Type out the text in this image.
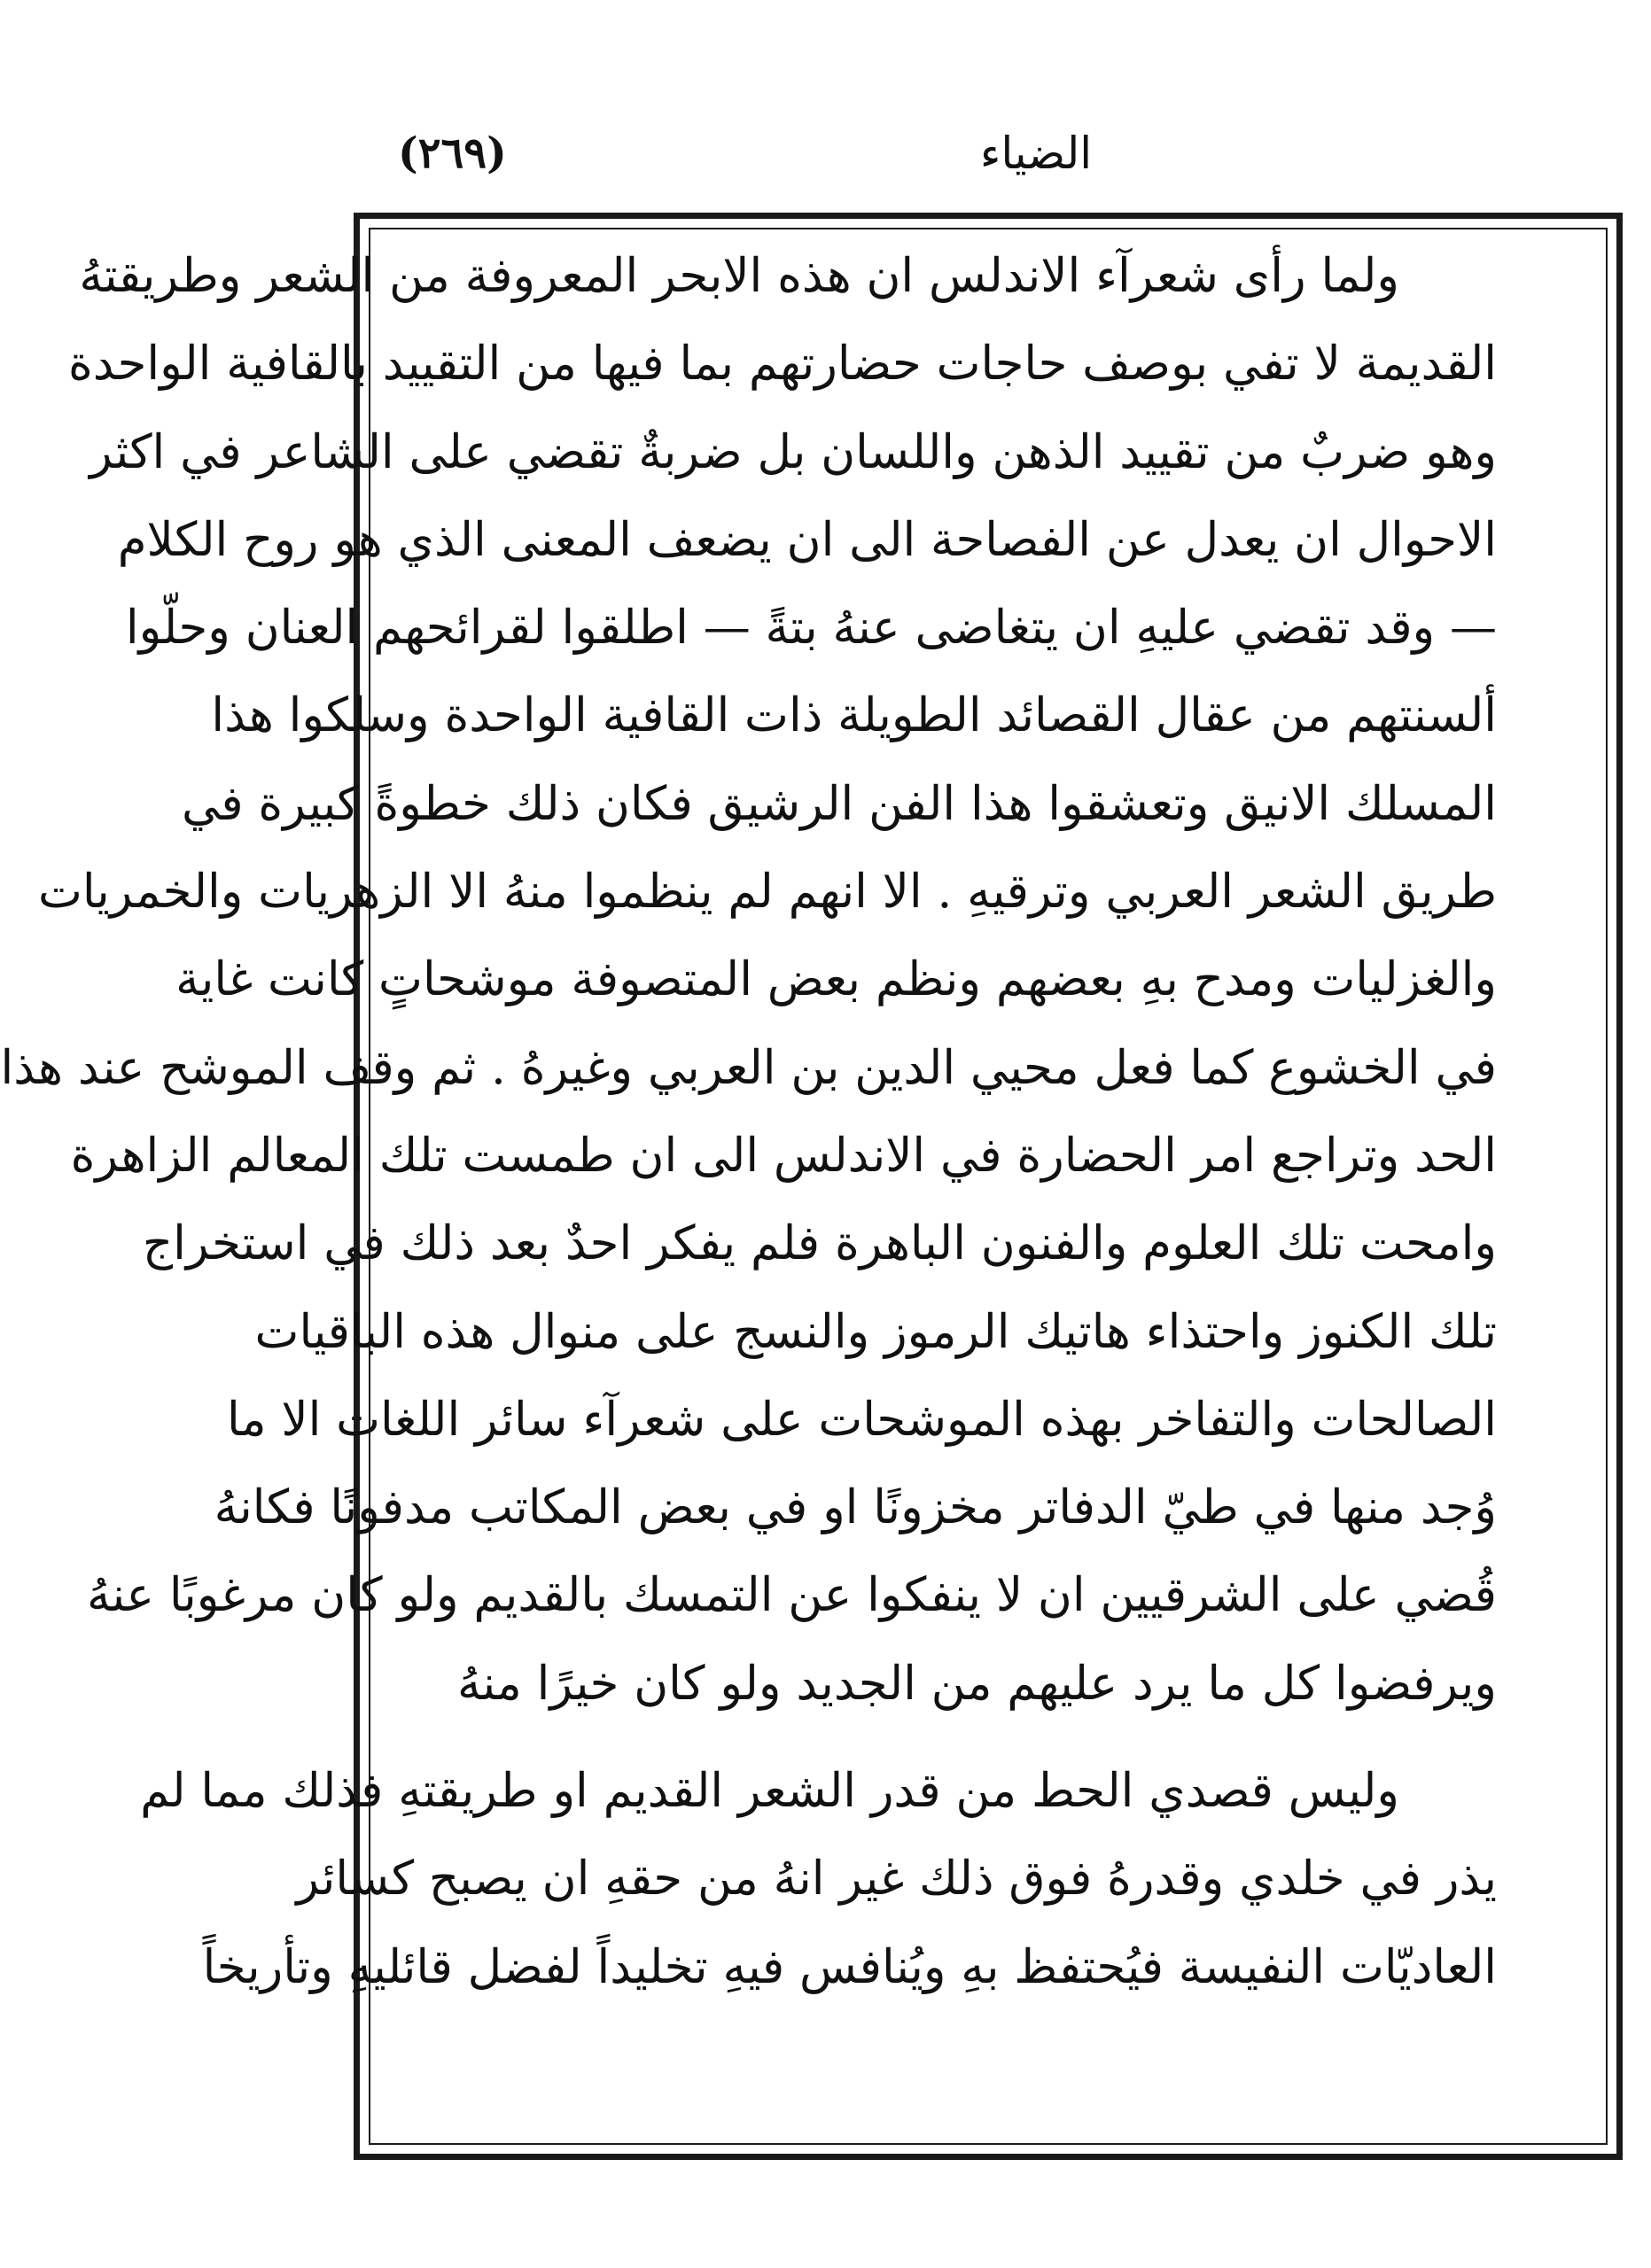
(٢٦٩)	الضياء
ولما رأى شعرآء الاندلس ان هذه الابحر المعروفة من الشعر وطريقتهُ
القديمة لا تفي بوصف حاجات حضارتهم بما فيها من التقييد بالقافية الواحدة
وهو ضربٌ من تقييد الذهن واللسان بل ضربةٌ تقضي على الشاعر في اكثر
الاحوال ان يعدل عن الفصاحة الى ان يضعف المعنى الذي هو روح الكلام
— وقد تقضي عليهِ ان يتغاضى عنهُ بتةً — اطلقوا لقرائحهم العنان وحلّوا
ألسنتهم من عقال القصائد الطويلة ذات القافية الواحدة وسلكوا هذا
المسلك الانيق وتعشقوا هذا الفن الرشيق فكان ذلك خطوةً كبيرة في
طريق الشعر العربي وترقيهِ . الا انهم لم ينظموا منهُ الا الزهريات والخمريات
والغزليات ومدح بهِ بعضهم ونظم بعض المتصوفة موشحاتٍ كانت غاية
في الخشوع كما فعل محيي الدين بن العربي وغيرهُ . ثم وقف الموشح عند هذا
الحد وتراجع امر الحضارة في الاندلس الى ان طمست تلك المعالم الزاهرة
وامحت تلك العلوم والفنون الباهرة فلم يفكر احدٌ بعد ذلك في استخراج
تلك الكنوز واحتذاء هاتيك الرموز والنسج على منوال هذه الباقيات
الصالحات والتفاخر بهذه الموشحات على شعرآء سائر اللغات الا ما
وُجد منها في طيّ الدفاتر مخزونًا او في بعض المكاتب مدفونًا فكانهُ
قُضي على الشرقيين ان لا ينفكوا عن التمسك بالقديم ولو كان مرغوبًا عنهُ
ويرفضوا كل ما يرد عليهم من الجديد ولو كان خيرًا منهُ
وليس قصدي الحط من قدر الشعر القديم او طريقتهِ فذلك مما لم
يذر في خلدي وقدرهُ فوق ذلك غير انهُ من حقهِ ان يصبح كسائر
العاديّات النفيسة فيُحتفظ بهِ ويُنافس فيهِ تخليداً لفضل قائليهِ وتأريخاً
